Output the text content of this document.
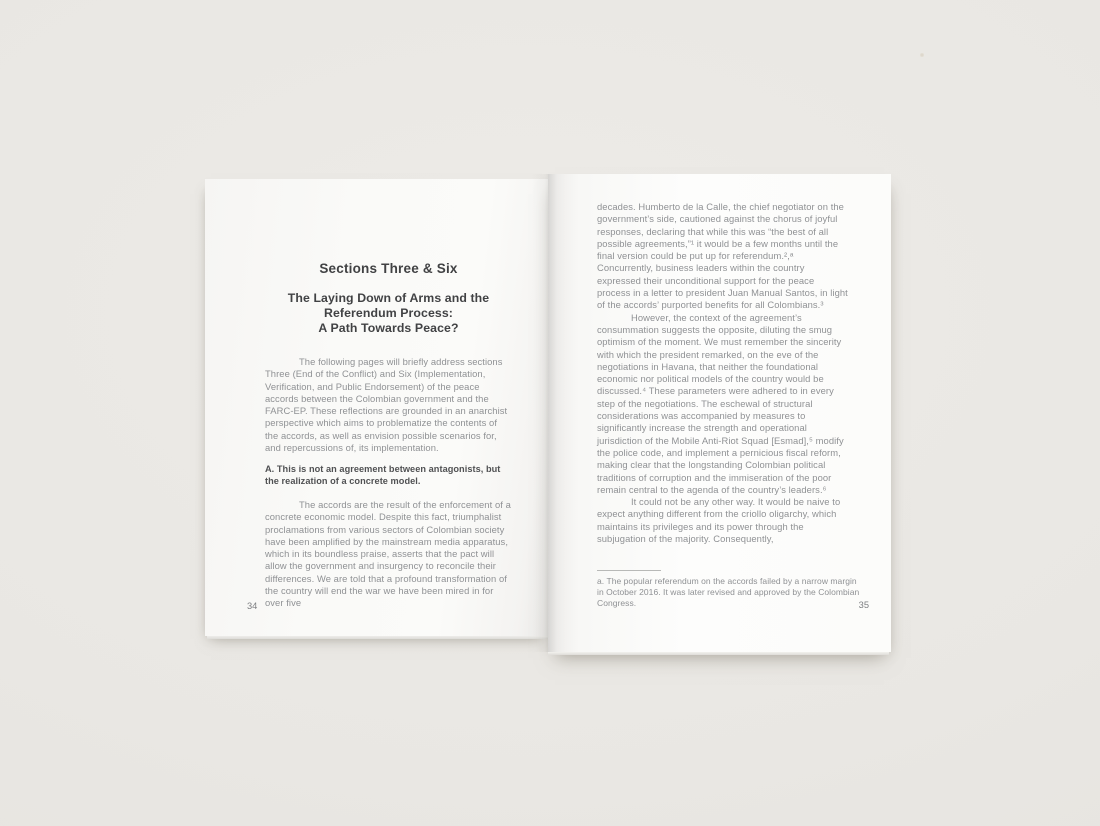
Sections Three & Six
The Laying Down of Arms and the
Referendum Process:
A Path Towards Peace?
The following pages will briefly address sections Three (End of the Conflict) and Six (Implementation, Verification, and Public Endorsement) of the peace accords between the Colombian government and the FARC-EP. These reflections are grounded in an anarchist perspective which aims to problematize the contents of the accords, as well as envision possible scenarios for, and repercussions of, its implementation.
A. This is not an agreement between antagonists, but the realization of a concrete model.
The accords are the result of the enforcement of a concrete economic model. Despite this fact, triumphalist proclamations from various sectors of Colombian society have been amplified by the mainstream media apparatus, which in its boundless praise, asserts that the pact will allow the government and insurgency to reconcile their differences. We are told that a profound transformation of the country will end the war we have been mired in for over five
34

decades. Humberto de la Calle, the chief negotiator on the government’s side, cautioned against the chorus of joyful responses, declaring that while this was “the best of all possible agreements,”¹ it would be a few months until the final version could be put up for referendum.²,ᵃ Concurrently, business leaders within the country expressed their unconditional support for the peace process in a letter to president Juan Manual Santos, in light of the accords’ purported benefits for all Colombians.³

However, the context of the agreement’s consummation suggests the opposite, diluting the smug optimism of the moment. We must remember the sincerity with which the president remarked, on the eve of the negotiations in Havana, that neither the foundational economic nor political models of the country would be discussed.⁴ These parameters were adhered to in every step of the negotiations. The eschewal of structural considerations was accompanied by measures to significantly increase the strength and operational jurisdiction of the Mobile Anti-Riot Squad [Esmad],⁵ modify the police code, and implement a pernicious fiscal reform, making clear that the longstanding Colombian political traditions of corruption and the immiseration of the poor remain central to the agenda of the country’s leaders.⁶

It could not be any other way. It would be naive to expect anything different from the criollo oligarchy, which maintains its privileges and its power through the subjugation of the majority. Consequently,

a. The popular referendum on the accords failed by a narrow margin in October 2016. It was later revised and approved by the Colombian Congress.	35
